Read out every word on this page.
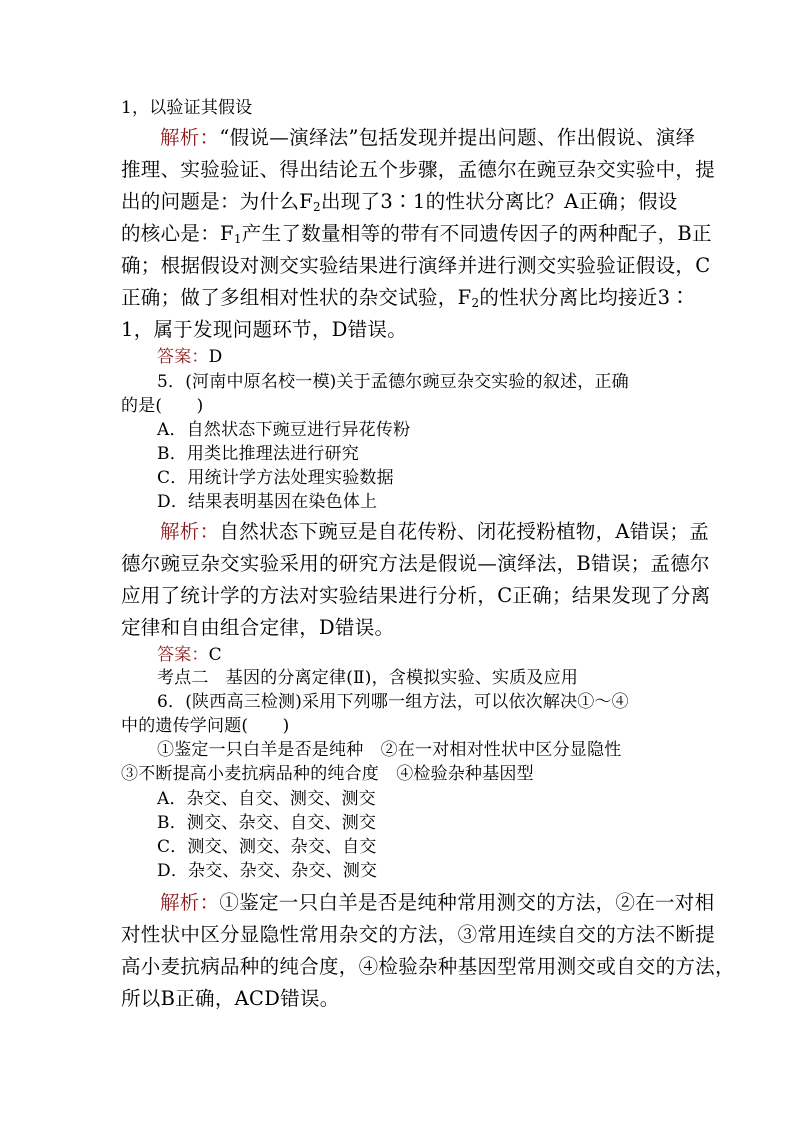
1，以验证其假设
解析：“假说—演绎法”包括发现并提出问题、作出假说、演绎
推理、实验验证、得出结论五个步骤，孟德尔在豌豆杂交实验中，提
出的问题是：为什么$F_2$出现了3∶1的性状分离比？A正确；假设
的核心是：$F_1$产生了数量相等的带有不同遗传因子的两种配子，B正
确；根据假设对测交实验结果进行演绎并进行测交实验验证假设，C
正确；做了多组相对性状的杂交试验，$F_2$的性状分离比均接近3∶
1，属于发现问题环节，D错误。
答案：D
5．(河南中原名校一模)关于孟德尔豌豆杂交实验的叙述，正确
的是(　　)
A．自然状态下豌豆进行异花传粉
B．用类比推理法进行研究
C．用统计学方法处理实验数据
D．结果表明基因在染色体上
解析：自然状态下豌豆是自花传粉、闭花授粉植物，A错误；孟
德尔豌豆杂交实验采用的研究方法是假说—演绎法，B错误；孟德尔
应用了统计学的方法对实验结果进行分析，C正确；结果发现了分离
定律和自由组合定律，D错误。
答案：C
考点二　基因的分离定律(Ⅱ)，含模拟实验、实质及应用
6．(陕西高三检测)采用下列哪一组方法，可以依次解决①～④
中的遗传学问题(　　)
①鉴定一只白羊是否是纯种　②在一对相对性状中区分显隐性
③不断提高小麦抗病品种的纯合度　④检验杂种基因型
A．杂交、自交、测交、测交
B．测交、杂交、自交、测交
C．测交、测交、杂交、自交
D．杂交、杂交、杂交、测交
解析：①鉴定一只白羊是否是纯种常用测交的方法，②在一对相
对性状中区分显隐性常用杂交的方法，③常用连续自交的方法不断提
高小麦抗病品种的纯合度，④检验杂种基因型常用测交或自交的方法，
所以B正确，ACD错误。
